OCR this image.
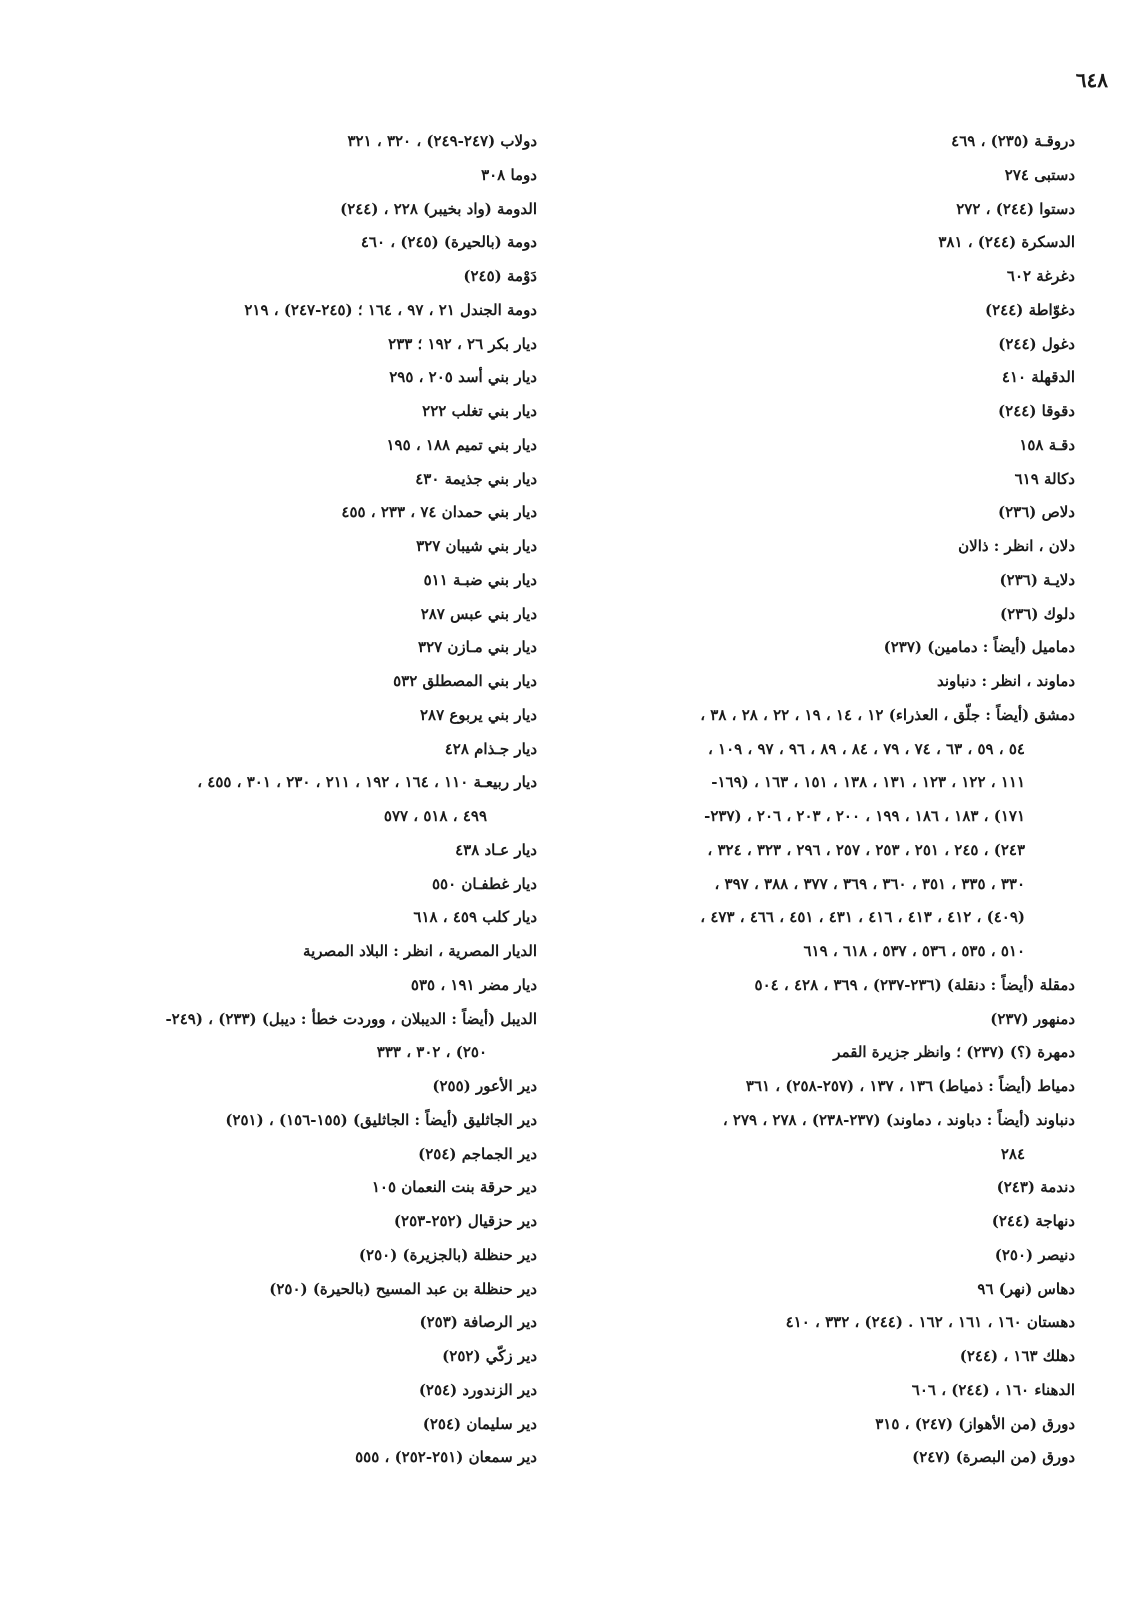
٦٤٨
دروقـة (٢٣٥) ، ٤٦٩
دستبى ٢٧٤
دستوا (٢٤٤) ، ٢٧٢
الدسكرة (٢٤٤) ، ٣٨١
دغرغة ٦٠٢
دغوّاطة (٢٤٤)
دغول (٢٤٤)
الدقهلة ٤١٠
دقوقا (٢٤٤)
دقـة ١٥٨
دكالة ٦١٩
دلاص (٢٣٦)
دلان ، انظر : ذالان
دلايـة (٢٣٦)
دلوك (٢٣٦)
دماميل (أيضاً : دمامين) (٢٣٧)
دماوند ، انظر : دنباوند
دمشق (أيضاً : جلّق ، العذراء) ١٢ ، ١٤ ، ١٩ ، ٢٢ ، ٢٨ ، ٣٨ ،
٥٤ ، ٥٩ ، ٦٣ ، ٧٤ ، ٧٩ ، ٨٤ ، ٨٩ ، ٩٦ ، ٩٧ ، ١٠٩ ،
١١١ ، ١٢٢ ، ١٢٣ ، ١٣١ ، ١٣٨ ، ١٥١ ، ١٦٣ ، (١٦٩-
١٧١) ، ١٨٣ ، ١٨٦ ، ١٩٩ ، ٢٠٠ ، ٢٠٣ ، ٢٠٦ ، (٢٣٧-
٢٤٣) ، ٢٤٥ ، ٢٥١ ، ٢٥٣ ، ٢٥٧ ، ٢٩٦ ، ٣٢٣ ، ٣٢٤ ،
٣٣٠ ، ٣٣٥ ، ٣٥١ ، ٣٦٠ ، ٣٦٩ ، ٣٧٧ ، ٣٨٨ ، ٣٩٧ ،
(٤٠٩) ، ٤١٢ ، ٤١٣ ، ٤١٦ ، ٤٣١ ، ٤٥١ ، ٤٦٦ ، ٤٧٣ ،
٥١٠ ، ٥٣٥ ، ٥٣٦ ، ٥٣٧ ، ٦١٨ ، ٦١٩
دمقلة (أيضاً : دنقلة) (٢٣٦-٢٣٧) ، ٣٦٩ ، ٤٢٨ ، ٥٠٤
دمنهور (٢٣٧)
دمهرة (؟) (٢٣٧) ؛ وانظر جزيرة القمر
دمياط (أيضاً : ذمياط) ١٣٦ ، ١٣٧ ، (٢٥٧-٢٥٨) ، ٣٦١
دنباوند (أيضاً : دباوند ، دماوند) (٢٣٧-٢٣٨) ، ٢٧٨ ، ٢٧٩ ،
٢٨٤
دندمة (٢٤٣)
دنهاجة (٢٤٤)
دنيصر (٢٥٠)
دهاس (نهر) ٩٦
دهستان ١٦٠ ، ١٦١ ، ١٦٢ . (٢٤٤) ، ٣٣٢ ، ٤١٠
دهلك ١٦٣ ، (٢٤٤)
الدهناء ١٦٠ ، (٢٤٤) ، ٦٠٦
دورق (من الأهواز) (٢٤٧) ، ٣١٥
دورق (من البصرة) (٢٤٧)
دولاب (٢٤٧-٢٤٩) ، ٣٢٠ ، ٣٢١
دوما ٣٠٨
الدومة (واد بخيبر) ٢٢٨ ، (٢٤٤)
دومة (بالحيرة) (٢٤٥) ، ٤٦٠
دَوْمة (٢٤٥)
دومة الجندل ٢١ ، ٩٧ ، ١٦٤ ؛ (٢٤٥-٢٤٧) ، ٢١٩
ديار بكر ٢٦ ، ١٩٢ ؛ ٢٣٣
ديار بني أسد ٢٠٥ ، ٢٩٥
ديار بني تغلب ٢٢٢
ديار بني تميم ١٨٨ ، ١٩٥
ديار بني جذيمة ٤٣٠
ديار بني حمدان ٧٤ ، ٢٣٣ ، ٤٥٥
ديار بني شيبان ٣٢٧
ديار بني ضبـة ٥١١
ديار بني عبس ٢٨٧
ديار بني مـازن ٣٢٧
ديار بني المصطلق ٥٣٢
ديار بني يربوع ٢٨٧
ديار جـذام ٤٢٨
ديار ربيعـة ١١٠ ، ١٦٤ ، ١٩٢ ، ٢١١ ، ٢٣٠ ، ٣٠١ ، ٤٥٥ ،
٤٩٩ ، ٥١٨ ، ٥٧٧
ديار عـاد ٤٣٨
ديار غطفـان ٥٥٠
ديار كلب ٤٥٩ ، ٦١٨
الديار المصرية ، انظر : البلاد المصرية
ديار مضر ١٩١ ، ٥٣٥
الديبل (أيضاً : الديبلان ، ووردت خطأ : ديبل) (٢٣٣) ، (٢٤٩-
٢٥٠) ، ٣٠٢ ، ٣٣٣
دير الأعور (٢٥٥)
دير الجاثليق (أيضاً : الجاثليق) (١٥٥-١٥٦) ، (٢٥١)
دير الجماجم (٢٥٤)
دير حرقة بنت النعمان ١٠٥
دير حزقيال (٢٥٢-٢٥٣)
دير حنظلة (بالجزيرة) (٢٥٠)
دير حنظلة بن عبد المسيح (بالحيرة) (٢٥٠)
دير الرصافة (٢٥٣)
دير زكّي (٢٥٢)
دير الزندورد (٢٥٤)
دير سليمان (٢٥٤)
دير سمعان (٢٥١-٢٥٢) ، ٥٥٥
